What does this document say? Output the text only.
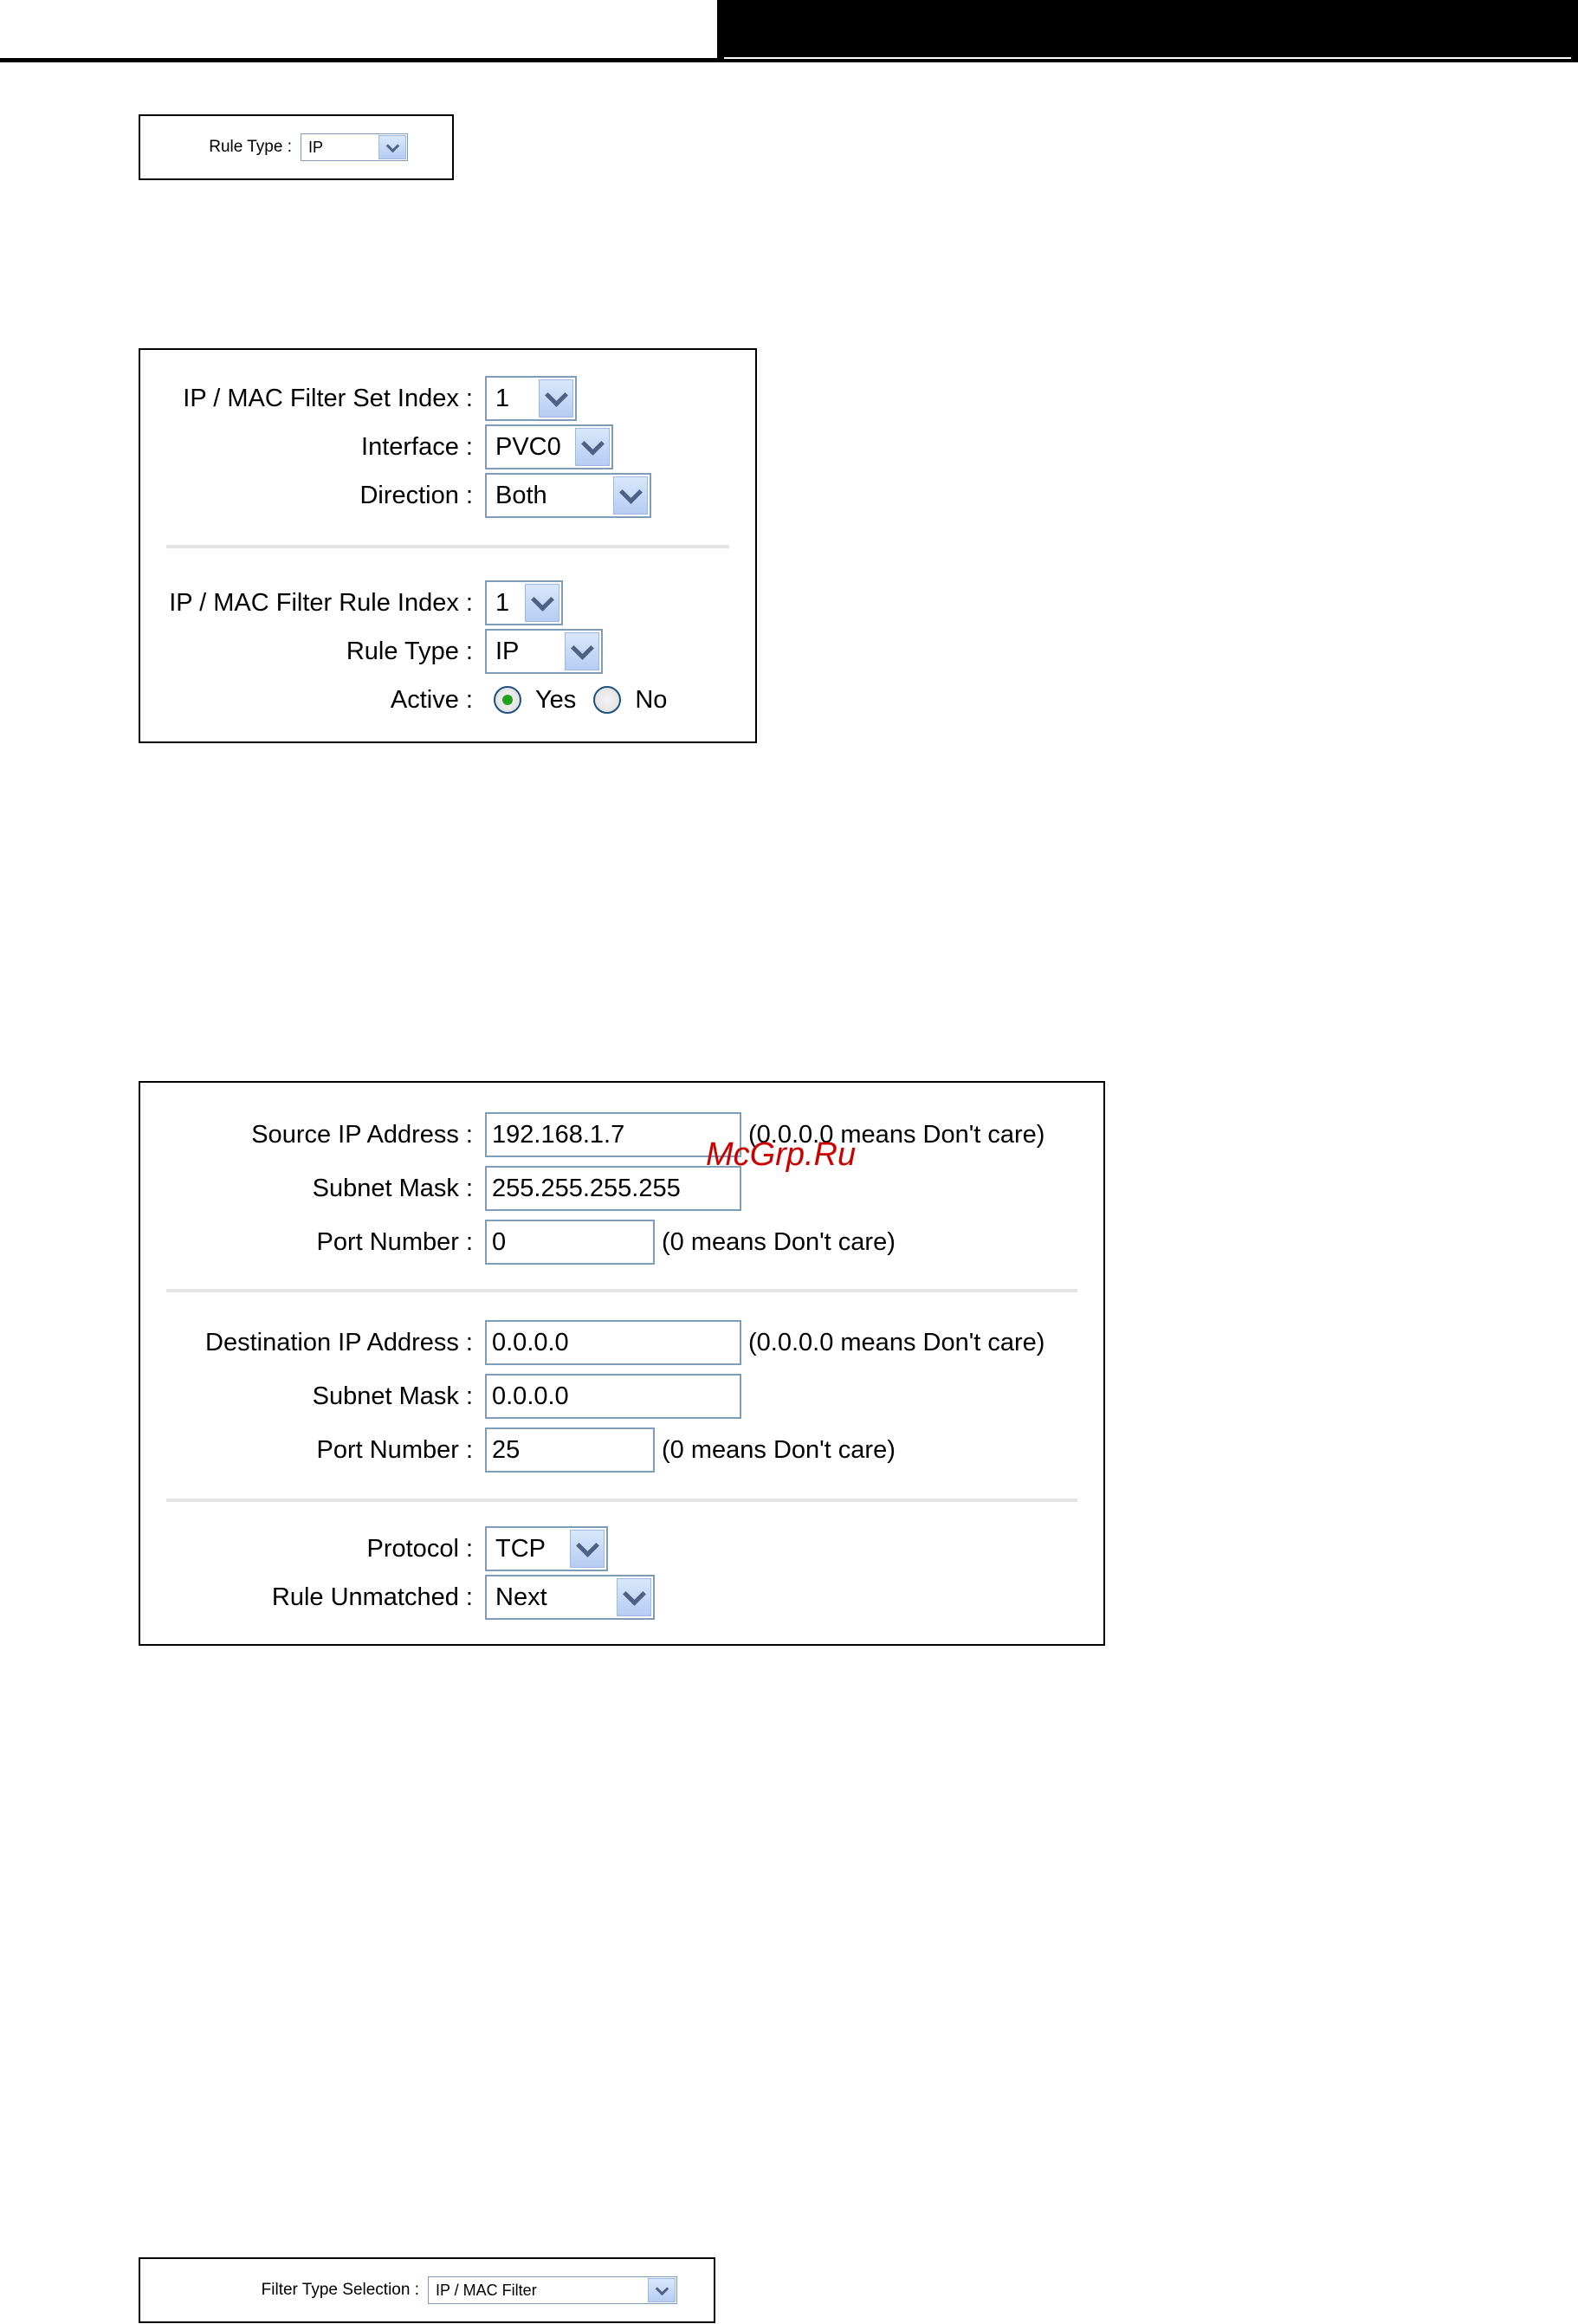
Rule Type :	IP
IP / MAC Filter Set Index : 1
Interface : PVC0
Direction : Both
IP / MAC Filter Rule Index : 1
Rule Type : IP
Active :	Yes No
Source IP Address :
192.168.1.7	(0.0.0.0 means Don't care)
Subnet Mask :
255.255.255.255
Port Number :
0	(0 means Don't care)
Destination IP Address :
0.0.0.0	(0.0.0.0 means Don't care)
Subnet Mask :
0.0.0.0
Port Number :
25	(0 means Don't care)
Protocol : TCP
Rule Unmatched : Next
McGrp.Ru
Filter Type Selection :	IP / MAC Filter
